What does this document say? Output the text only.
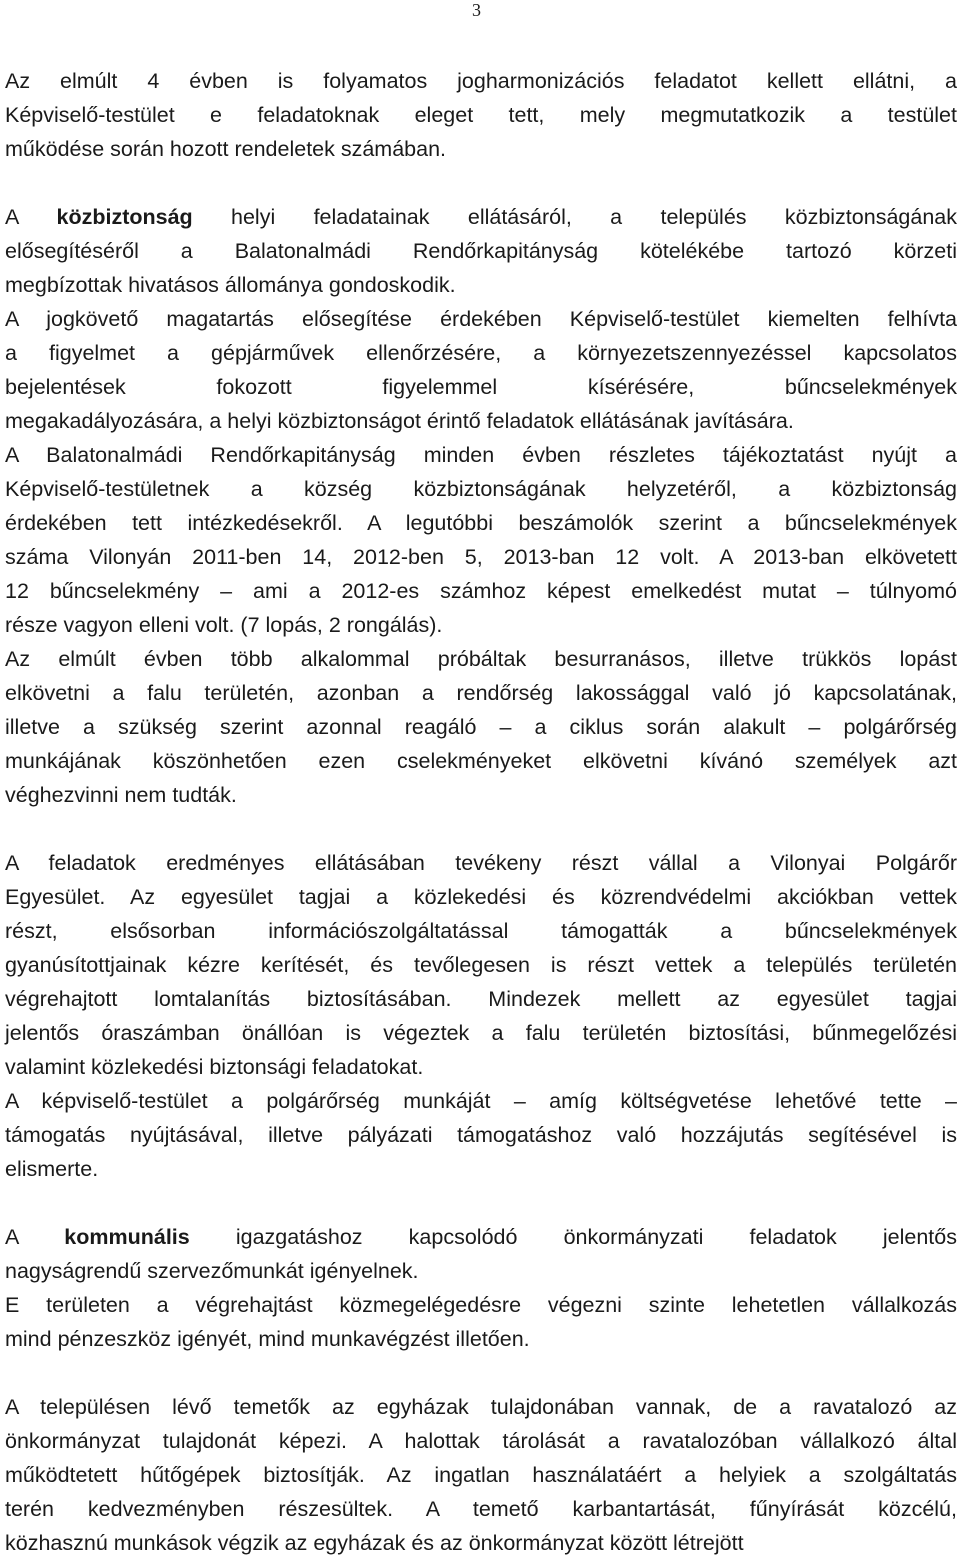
3
Az elmúlt 4 évben is folyamatos jogharmonizációs feladatot kellett ellátni, a
Képviselő-testület e feladatoknak eleget tett, mely megmutatkozik a testület
működése során hozott rendeletek számában.
A közbiztonság helyi feladatainak ellátásáról, a település közbiztonságának
elősegítéséről a Balatonalmádi Rendőrkapitányság kötelékébe tartozó körzeti
megbízottak hivatásos állománya gondoskodik.
A jogkövető magatartás elősegítése érdekében Képviselő-testület kiemelten felhívta
a figyelmet a gépjárművek ellenőrzésére, a környezetszennyezéssel kapcsolatos
bejelentések fokozott figyelemmel kísérésére, bűncselekmények
megakadályozására, a helyi közbiztonságot érintő feladatok ellátásának javítására.
A Balatonalmádi Rendőrkapitányság minden évben részletes tájékoztatást nyújt a
Képviselő-testületnek a község közbiztonságának helyzetéről, a közbiztonság
érdekében tett intézkedésekről. A legutóbbi beszámolók szerint a bűncselekmények
száma Vilonyán 2011-ben 14, 2012-ben 5, 2013-ban 12 volt. A 2013-ban elkövetett
12 bűncselekmény – ami a 2012-es számhoz képest emelkedést mutat – túlnyomó
része vagyon elleni volt. (7 lopás, 2 rongálás).
Az elmúlt évben több alkalommal próbáltak besurranásos, illetve trükkös lopást
elkövetni a falu területén, azonban a rendőrség lakossággal való jó kapcsolatának,
illetve a szükség szerint azonnal reagáló – a ciklus során alakult – polgárőrség
munkájának köszönhetően ezen cselekményeket elkövetni kívánó személyek azt
véghezvinni nem tudták.
A feladatok eredményes ellátásában tevékeny részt vállal a Vilonyai Polgárőr
Egyesület. Az egyesület tagjai a közlekedési és közrendvédelmi akciókban vettek
részt, elsősorban információszolgáltatással támogatták a bűncselekmények
gyanúsítottjainak kézre kerítését, és tevőlegesen is részt vettek a település területén
végrehajtott lomtalanítás biztosításában. Mindezek mellett az egyesület tagjai
jelentős óraszámban önállóan is végeztek a falu területén biztosítási, bűnmegelőzési
valamint közlekedési biztonsági feladatokat.
A képviselő-testület a polgárőrség munkáját – amíg költségvetése lehetővé tette –
támogatás nyújtásával, illetve pályázati támogatáshoz való hozzájutás segítésével is
elismerte.
A kommunális igazgatáshoz kapcsolódó önkormányzati feladatok jelentős
nagyságrendű szervezőmunkát igényelnek.
E területen a végrehajtást közmegelégedésre végezni szinte lehetetlen vállalkozás
mind pénzeszköz igényét, mind munkavégzést illetően.
A településen lévő temetők az egyházak tulajdonában vannak, de a ravatalozó az
önkormányzat tulajdonát képezi. A halottak tárolását a ravatalozóban vállalkozó által
működtetett hűtőgépek biztosítják. Az ingatlan használatáért a helyiek a szolgáltatás
terén kedvezményben részesültek. A temető karbantartását, fűnyírását közcélú,
közhasznú munkások végzik az egyházak és az önkormányzat között létrejött
